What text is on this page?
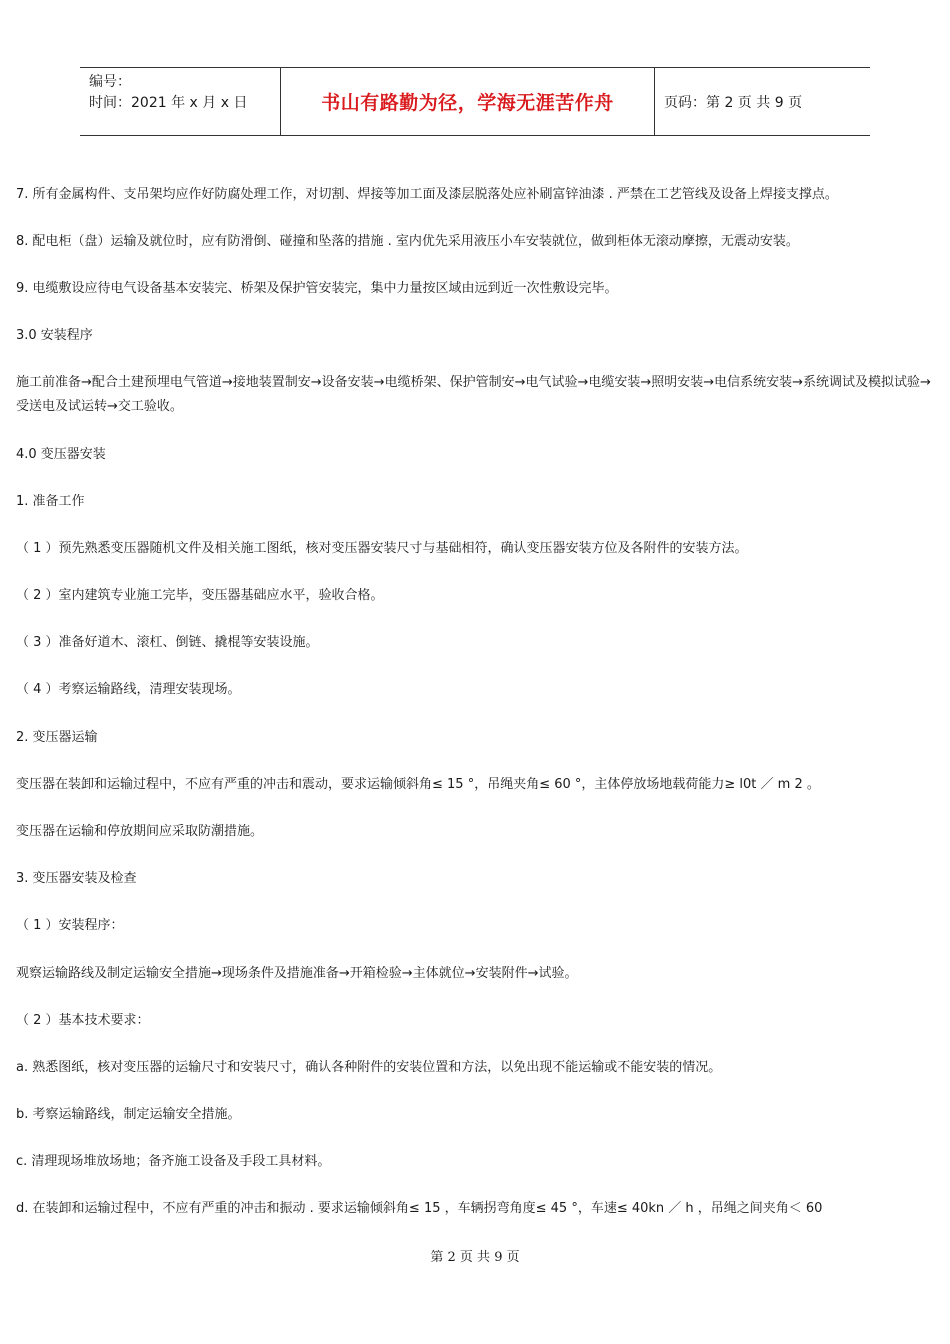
编号：
时间：2021 年 x 月 x 日	书山有路勤为径，学海无涯苦作舟	页码：第 2 页 共 9 页
7. 所有金属构件、支吊架均应作好防腐处理工作，对切割、焊接等加工面及漆层脱落处应补刷富锌油漆 . 严禁在工艺管线及设备上焊接支撑点。
8. 配电柜（盘）运输及就位时，应有防滑倒、碰撞和坠落的措施 . 室内优先采用液压小车安装就位，做到柜体无滚动摩擦，无震动安装。
9. 电缆敷设应待电气设备基本安装完、桥架及保护管安装完，集中力量按区域由远到近一次性敷设完毕。
3.0 安装程序
施工前准备→配合土建预埋电气管道→接地装置制安→设备安装→电缆桥架、保护管制安→电气试验→电缆安装→照明安装→电信系统安装→系统调试及模拟试验→受送电及试运转→交工验收。
4.0 变压器安装
1. 准备工作
（ 1 ）预先熟悉变压器随机文件及相关施工图纸，核对变压器安装尺寸与基础相符，确认变压器安装方位及各附件的安装方法。
（ 2 ）室内建筑专业施工完毕，变压器基础应水平，验收合格。
（ 3 ）准备好道木、滚杠、倒链、撬棍等安装设施。
（ 4 ）考察运输路线，清理安装现场。
2. 变压器运输
变压器在装卸和运输过程中，不应有严重的冲击和震动，要求运输倾斜角≤ 15 °，吊绳夹角≤ 60 °，主体停放场地载荷能力≥ l0t ／ m 2 。
变压器在运输和停放期间应采取防潮措施。
3. 变压器安装及检查
（ 1 ）安装程序：
观察运输路线及制定运输安全措施→现场条件及措施准备→开箱检验→主体就位→安装附件→试验。
（ 2 ）基本技术要求：
a. 熟悉图纸，核对变压器的运输尺寸和安装尺寸，确认各种附件的安装位置和方法，以免出现不能运输或不能安装的情况。
b. 考察运输路线，制定运输安全措施。
c. 清理现场堆放场地；备齐施工设备及手段工具材料。
d. 在装卸和运输过程中，不应有严重的冲击和振动 . 要求运输倾斜角≤ 15 ，车辆拐弯角度≤ 45 °，车速≤ 40kn ／ h ，吊绳之间夹角＜ 60
第 2 页 共 9 页
